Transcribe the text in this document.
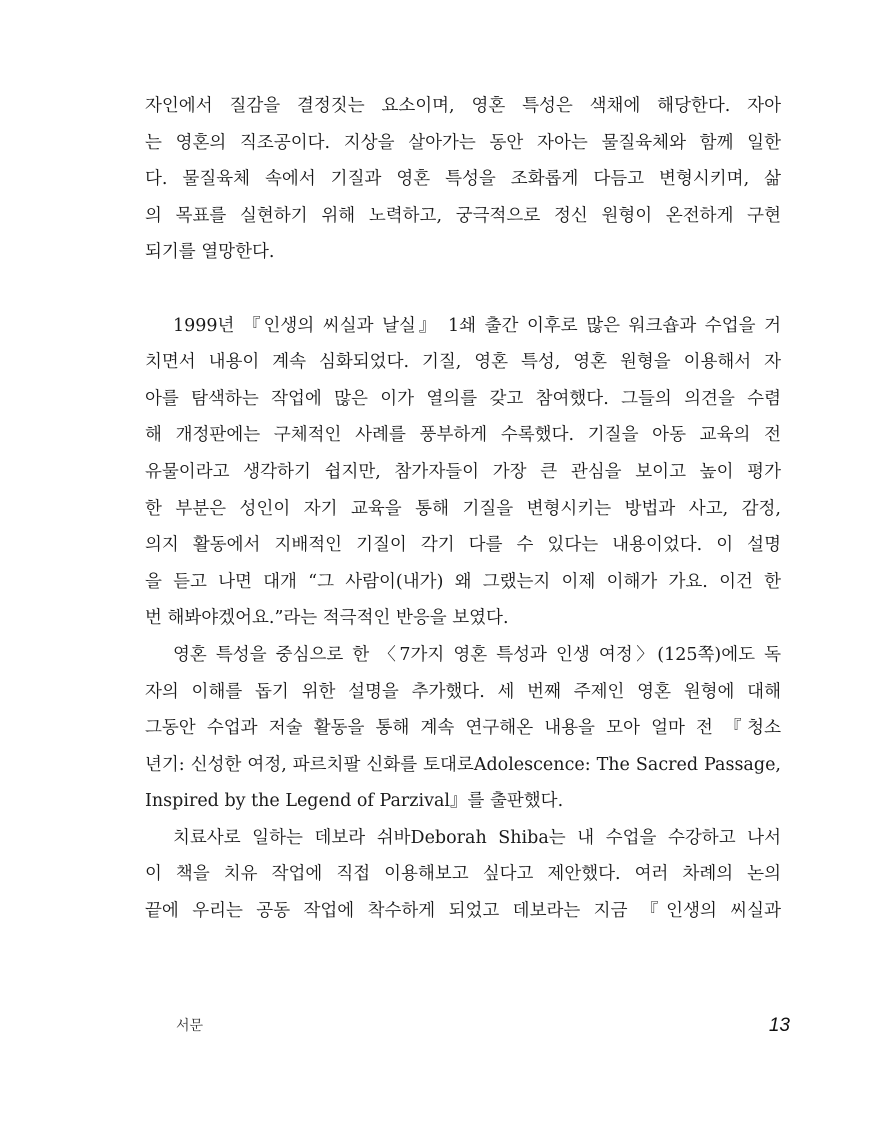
자인에서 질감을 결정짓는 요소이며, 영혼 특성은 색채에 해당한다. 자아
는 영혼의 직조공이다. 지상을 살아가는 동안 자아는 물질육체와 함께 일한
다. 물질육체 속에서 기질과 영혼 특성을 조화롭게 다듬고 변형시키며, 삶
의 목표를 실현하기 위해 노력하고, 궁극적으로 정신 원형이 온전하게 구현
되기를 열망한다.
1999년 『인생의 씨실과 날실』 1쇄 출간 이후로 많은 워크숍과 수업을 거
치면서 내용이 계속 심화되었다. 기질, 영혼 특성, 영혼 원형을 이용해서 자
아를 탐색하는 작업에 많은 이가 열의를 갖고 참여했다. 그들의 의견을 수렴
해 개정판에는 구체적인 사례를 풍부하게 수록했다. 기질을 아동 교육의 전
유물이라고 생각하기 쉽지만, 참가자들이 가장 큰 관심을 보이고 높이 평가
한 부분은 성인이 자기 교육을 통해 기질을 변형시키는 방법과 사고, 감정,
의지 활동에서 지배적인 기질이 각기 다를 수 있다는 내용이었다. 이 설명
을 듣고 나면 대개 “그 사람이(내가) 왜 그랬는지 이제 이해가 가요. 이건 한
번 해봐야겠어요.”라는 적극적인 반응을 보였다.
영혼 특성을 중심으로 한 〈7가지 영혼 특성과 인생 여정〉(125쪽)에도 독
자의 이해를 돕기 위한 설명을 추가했다. 세 번째 주제인 영혼 원형에 대해
그동안 수업과 저술 활동을 통해 계속 연구해온 내용을 모아 얼마 전 『청소
년기: 신성한 여정, 파르치팔 신화를 토대로Adolescence: The Sacred Passage,
Inspired by the Legend of Parzival』를 출판했다.
치료사로 일하는 데보라 쉬바Deborah Shiba는 내 수업을 수강하고 나서
이 책을 치유 작업에 직접 이용해보고 싶다고 제안했다. 여러 차례의 논의
끝에 우리는 공동 작업에 착수하게 되었고 데보라는 지금 『인생의 씨실과
서문	13
